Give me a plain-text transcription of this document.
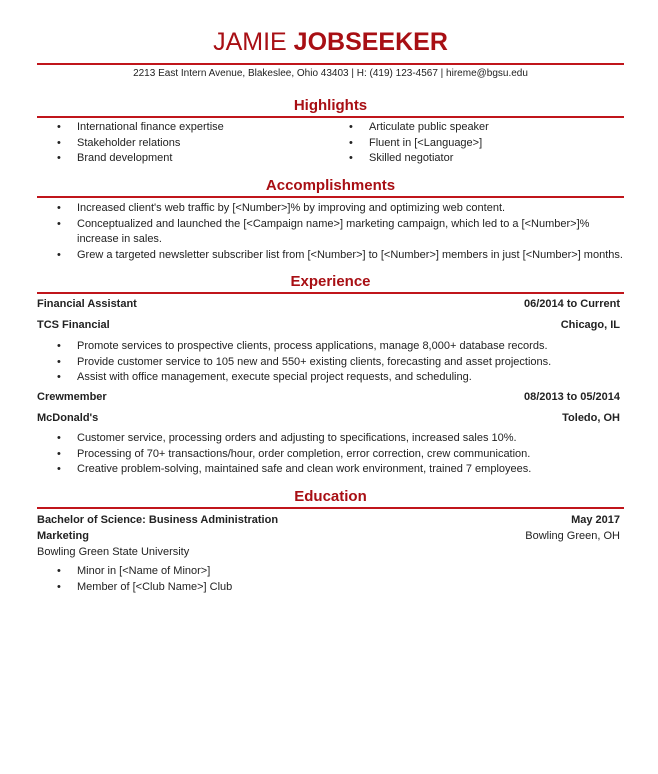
JAMIE JOBSEEKER
2213 East Intern Avenue, Blakeslee, Ohio 43403 | H: (419) 123-4567 | hireme@bgsu.edu
Highlights
• International finance expertise
• Stakeholder relations
• Brand development
• Articulate public speaker
• Fluent in [<Language>]
• Skilled negotiator
Accomplishments
• Increased client's web traffic by [<Number>]% by improving and optimizing web content.
• Conceptualized and launched the [<Campaign name>] marketing campaign, which led to a [<Number>]% increase in sales.
• Grew a targeted newsletter subscriber list from [<Number>] to [<Number>] members in just [<Number>] months.
Experience
Financial Assistant	06/2014 to Current
TCS Financial	Chicago, IL
• Promote services to prospective clients, process applications, manage 8,000+ database records.
• Provide customer service to 105 new and 550+ existing clients, forecasting and asset projections.
• Assist with office management, execute special project requests, and scheduling.
Crewmember	08/2013 to 05/2014
McDonald's	Toledo, OH
• Customer service, processing orders and adjusting to specifications, increased sales 10%.
• Processing of 70+ transactions/hour, order completion, error correction, crew communication.
• Creative problem-solving, maintained safe and clean work environment, trained 7 employees.
Education
Bachelor of Science: Business Administration	May 2017
Marketing	Bowling Green, OH
Bowling Green State University
• Minor in [<Name of Minor>]
• Member of [<Club Name>] Club
